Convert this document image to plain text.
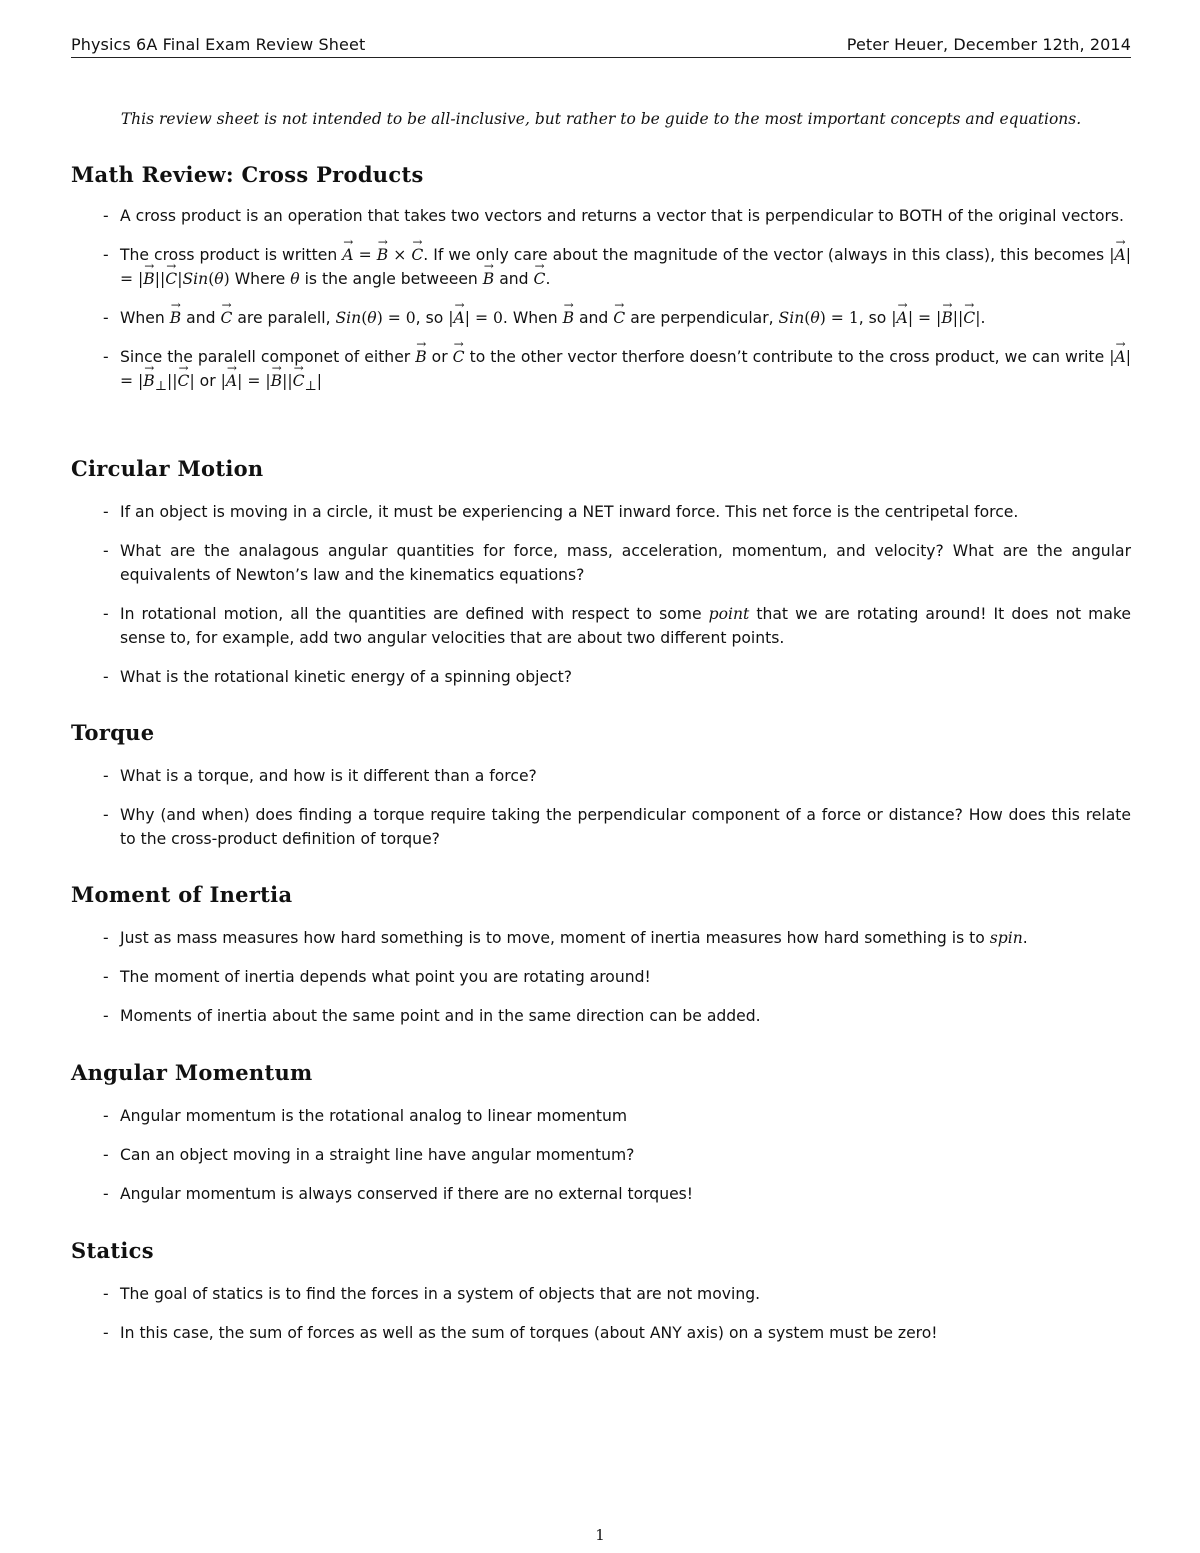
Physics 6A Final Exam Review Sheet	Peter Heuer, December 12th, 2014
This review sheet is not intended to be all-inclusive, but rather to be guide to the most important concepts and equations.
Math Review: Cross Products
- A cross product is an operation that takes two vectors and returns a vector that is perpendicular to BOTH of the original vectors.
- The cross product is written A → = B → × C →. If we only care about the magnitude of the vector (always in this class), this becomes |A →| = |B →||C →|Sin(θ) Where θ is the angle betweeen B → and C →.
- When B → and C → are paralell, Sin(θ) = 0, so |A →| = 0. When B → and C → are perpendicular, Sin(θ) = 1, so |A →| = |B →||C →|.
- Since the paralell componet of either B → or C → to the other vector therfore doesn’t contribute to the cross product, we can write |A →| = $|B \to_\perp||C$ →| or |A →| = $|B \to||C \to_\perp|$
Circular Motion
- If an object is moving in a circle, it must be experiencing a NET inward force. This net force is the centripetal force.
- What are the analagous angular quantities for force, mass, acceleration, momentum, and velocity? What are the angular equivalents of Newton’s law and the kinematics equations?
- In rotational motion, all the quantities are defined with respect to some point that we are rotating around! It does not make sense to, for example, add two angular velocities that are about two different points.
- What is the rotational kinetic energy of a spinning object?
Torque
- What is a torque, and how is it different than a force?
- Why (and when) does finding a torque require taking the perpendicular component of a force or distance? How does this relate to the cross-product definition of torque?
Moment of Inertia
- Just as mass measures how hard something is to move, moment of inertia measures how hard something is to spin.
- The moment of inertia depends what point you are rotating around!
- Moments of inertia about the same point and in the same direction can be added.
Angular Momentum
- Angular momentum is the rotational analog to linear momentum
- Can an object moving in a straight line have angular momentum?
- Angular momentum is always conserved if there are no external torques!
Statics
- The goal of statics is to find the forces in a system of objects that are not moving.
- In this case, the sum of forces as well as the sum of torques (about ANY axis) on a system must be zero!
1
